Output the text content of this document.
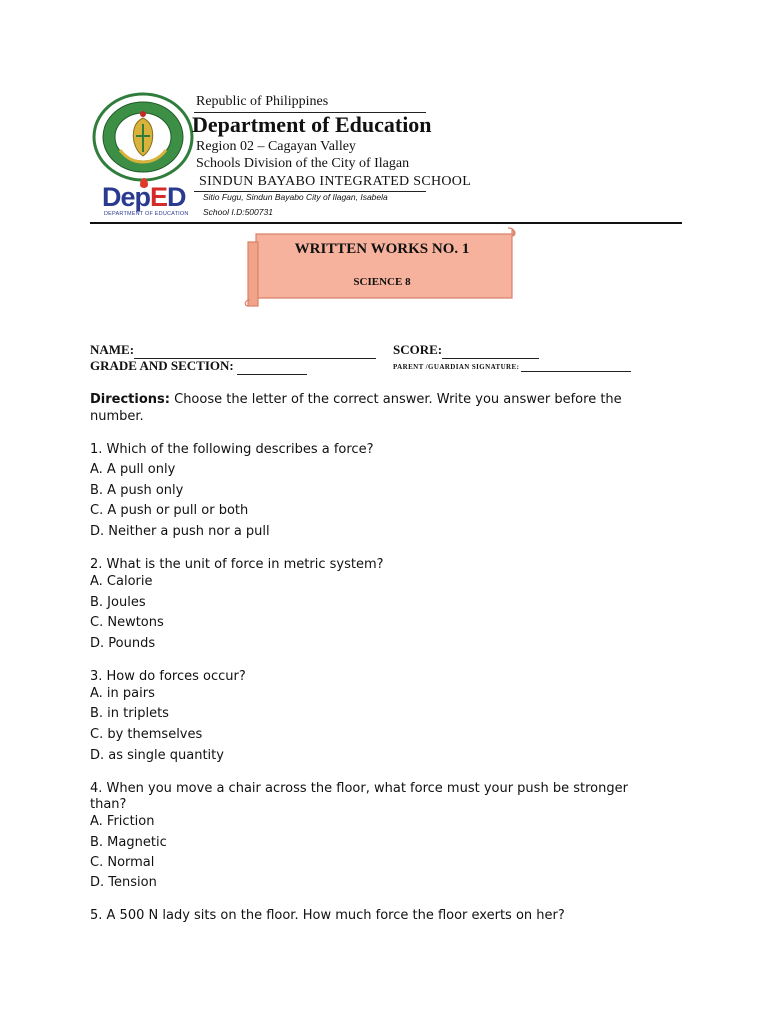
DepED
DEPARTMENT OF EDUCATION
Republic of Philippines
Department of Education
Region 02 – Cagayan Valley
Schools Division of the City of Ilagan
SINDUN BAYABO INTEGRATED SCHOOL
Sitio Fugu, Sindun Bayabo City of Ilagan, Isabela
School I.D:500731
WRITTEN WORKS NO. 1
SCIENCE 8
NAME:	SCORE:
GRADE AND SECTION:	PARENT /GUARDIAN SIGNATURE:
Directions: Choose the letter of the correct answer. Write you answer before the number.
1. Which of the following describes a force?
A. A pull only
B. A push only
C. A push or pull or both
D. Neither a push nor a pull
2. What is the unit of force in metric system?
A. Calorie
B. Joules
C. Newtons
D. Pounds
3. How do forces occur?
A. in pairs
B. in triplets
C. by themselves
D. as single quantity
4. When you move a chair across the floor, what force must your push be stronger than?
A. Friction
B. Magnetic
C. Normal
D. Tension
5. A 500 N lady sits on the floor. How much force the floor exerts on her?
